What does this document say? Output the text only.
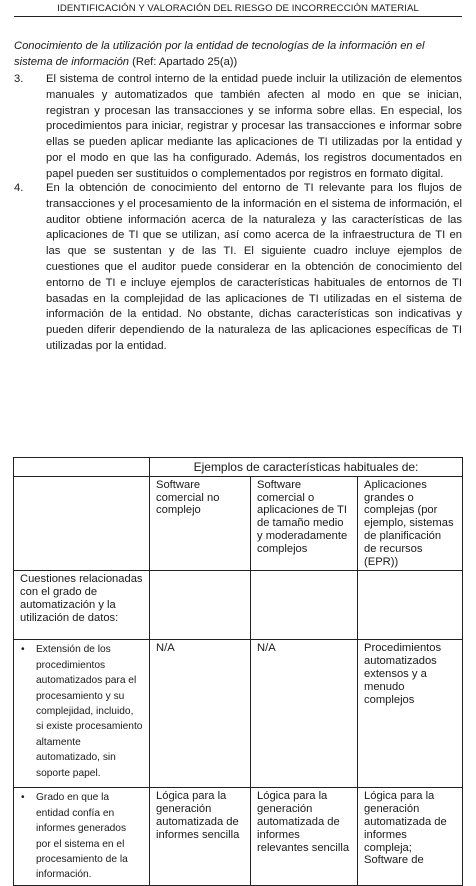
IDENTIFICACIÓN Y VALORACIÓN DEL RIESGO DE INCORRECCIÓN MATERIAL
Conocimiento de la utilización por la entidad de tecnologías de la información en el sistema de información (Ref: Apartado 25(a))
3.	El sistema de control interno de la entidad puede incluir la utilización de elementos manuales y automatizados que también afecten al modo en que se inician, registran y procesan las transacciones y se informa sobre ellas. En especial, los procedimientos para iniciar, registrar y procesar las transacciones e informar sobre ellas se pueden aplicar mediante las aplicaciones de TI utilizadas por la entidad y por el modo en que las ha configurado. Además, los registros documentados en papel pueden ser sustituidos o complementados por registros en formato digital.
4.	En la obtención de conocimiento del entorno de TI relevante para los flujos de transacciones y el procesamiento de la información en el sistema de información, el auditor obtiene información acerca de la naturaleza y las características de las aplicaciones de TI que se utilizan, así como acerca de la infraestructura de TI en las que se sustentan y de las TI. El siguiente cuadro incluye ejemplos de cuestiones que el auditor puede considerar en la obtención de conocimiento del entorno de TI e incluye ejemplos de características habituales de entornos de TI basadas en la complejidad de las aplicaciones de TI utilizadas en el sistema de información de la entidad. No obstante, dichas características son indicativas y pueden diferir dependiendo de la naturaleza de las aplicaciones específicas de TI utilizadas por la entidad.
	Ejemplos de características habituales de:		
	Software comercial no complejo	Software comercial o aplicaciones de TI de tamaño medio y moderadamente complejos	Aplicaciones grandes o complejas (por ejemplo, sistemas de planificación de recursos (EPR))
Cuestiones relacionadas con el grado de automatización y la utilización de datos:			

• Extensión de los procedimientos automatizados para el procesamiento y su complejidad, incluido, si existe procesamiento altamente automatizado, sin soporte papel.	N/A	N/A	Procedimientos automatizados extensos y a menudo complejos

• Grado en que la entidad confía en informes generados por el sistema en el procesamiento de la información.	Lógica para la generación automatizada de informes sencilla	Lógica para la generación automatizada de informes relevantes sencilla	Lógica para la generación automatizada de informes compleja; Software de
